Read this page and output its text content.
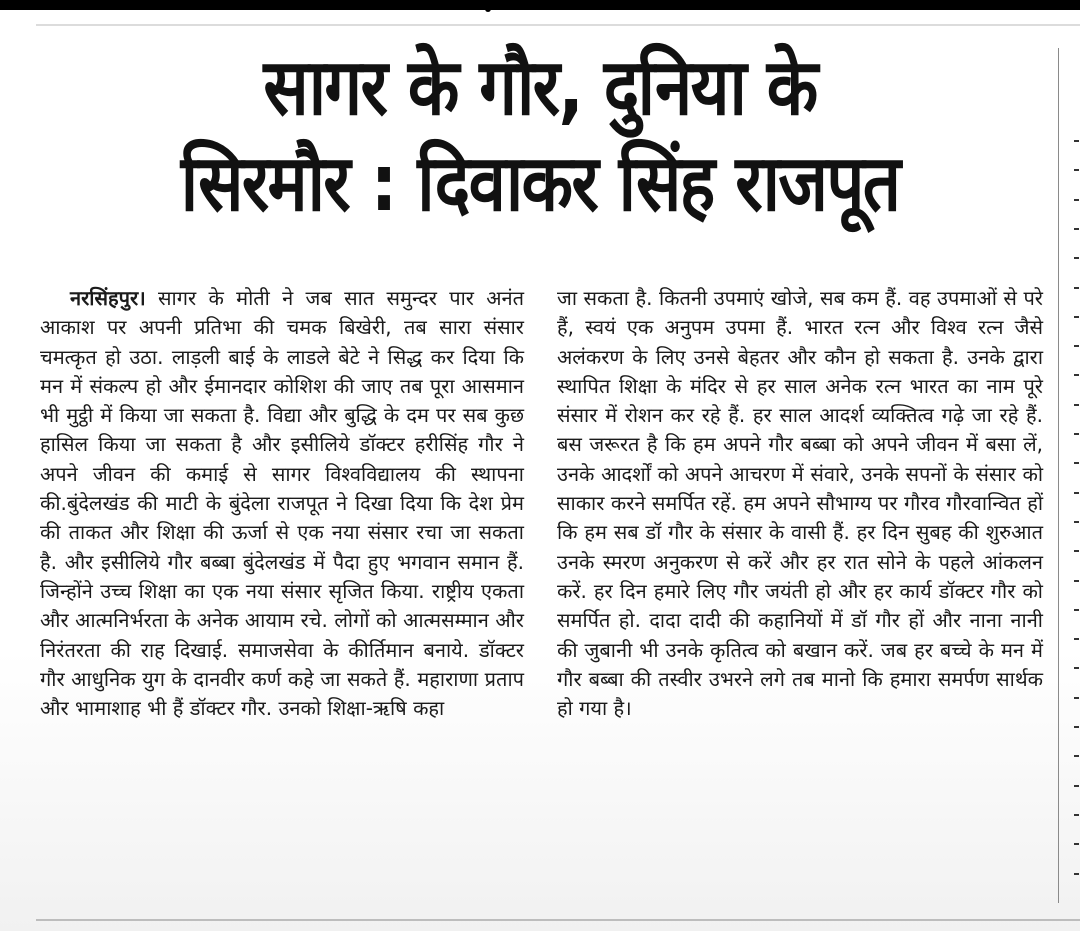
सागर के गौर, दुनिया के
सिरमौर : दिवाकर सिंह राजपूत

नरसिंहपुर। सागर के मोती ने जब सात समुन्दर पार अनंत आकाश पर अपनी प्रतिभा की चमक बिखेरी, तब सारा संसार चमत्कृत हो उठा. लाड़ली बाई के लाडले बेटे ने सिद्ध कर दिया कि मन में संकल्प हो और ईमानदार कोशिश की जाए तब पूरा आसमान भी मुट्ठी में किया जा सकता है. विद्या और बुद्धि के दम पर सब कुछ हासिल किया जा सकता है और इसीलिये डॉक्टर हरीसिंह गौर ने अपने जीवन की कमाई से सागर विश्वविद्यालय की स्थापना की.बुंदेलखंड की माटी के बुंदेला राजपूत ने दिखा दिया कि देश प्रेम की ताकत और शिक्षा की ऊर्जा से एक नया संसार रचा जा सकता है. और इसीलिये गौर बब्बा बुंदेलखंड में पैदा हुए भगवान समान हैं. जिन्होंने उच्च शिक्षा का एक नया संसार सृजित किया. राष्ट्रीय एकता और आत्मनिर्भरता के अनेक आयाम रचे. लोगों को आत्मसम्मान और निरंतरता की राह दिखाई. समाजसेवा के कीर्तिमान बनाये. डॉक्टर गौर आधुनिक युग के दानवीर कर्ण कहे जा सकते हैं. महाराणा प्रताप और भामाशाह भी हैं डॉक्टर गौर. उनको शिक्षा-ऋषि कहा

जा सकता है. कितनी उपमाएं खोजे, सब कम हैं. वह उपमाओं से परे हैं, स्वयं एक अनुपम उपमा हैं. भारत रत्न और विश्व रत्न जैसे अलंकरण के लिए उनसे बेहतर और कौन हो सकता है. उनके द्वारा स्थापित शिक्षा के मंदिर से हर साल अनेक रत्न भारत का नाम पूरे संसार में रोशन कर रहे हैं. हर साल आदर्श व्यक्तित्व गढ़े जा रहे हैं. बस जरूरत है कि हम अपने गौर बब्बा को अपने जीवन में बसा लें, उनके आदर्शों को अपने आचरण में संवारे, उनके सपनों के संसार को साकार करने समर्पित रहें. हम अपने सौभाग्य पर गौरव गौरवान्वित हों कि हम सब डॉ गौर के संसार के वासी हैं. हर दिन सुबह की शुरुआत उनके स्मरण अनुकरण से करें और हर रात सोने के पहले आंकलन करें. हर दिन हमारे लिए गौर जयंती हो और हर कार्य डॉक्टर गौर को समर्पित हो. दादा दादी की कहानियों में डॉ गौर हों और नाना नानी की जुबानी भी उनके कृतित्व को बखान करें. जब हर बच्चे के मन में गौर बब्बा की तस्वीर उभरने लगे तब मानो कि हमारा समर्पण सार्थक हो गया है।
